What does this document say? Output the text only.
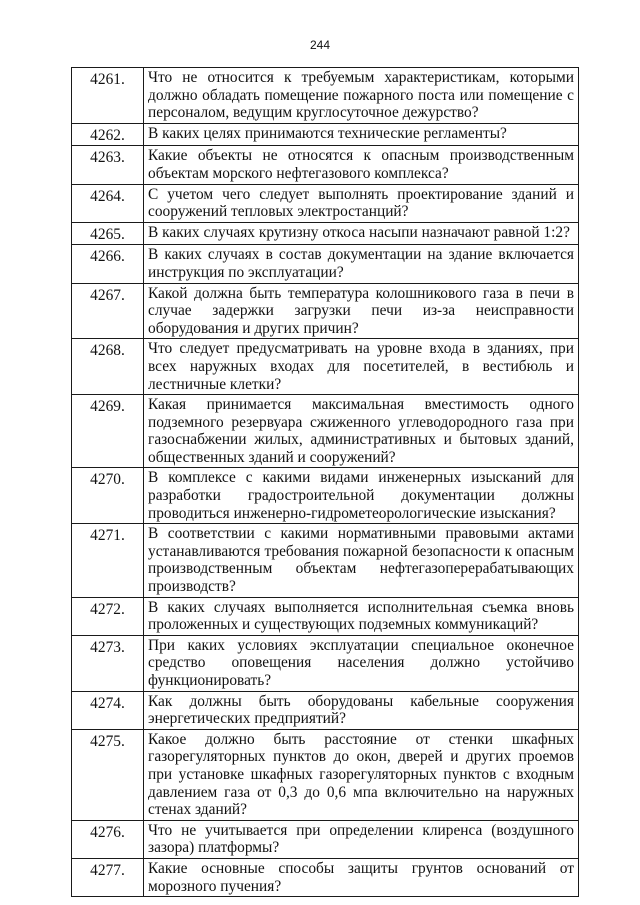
244
4261.	Что не относится к требуемым характеристикам, которыми должно обладать помещение пожарного поста или помещение с персоналом, ведущим круглосуточное дежурство?
4262.	В каких целях принимаются технические регламенты?
4263.	Какие объекты не относятся к опасным производственным объектам морского нефтегазового комплекса?
4264.	С учетом чего следует выполнять проектирование зданий и сооружений тепловых электростанций?
4265.	В каких случаях крутизну откоса насыпи назначают равной 1:2?
4266.	В каких случаях в состав документации на здание включается инструкция по эксплуатации?
4267.	Какой должна быть температура колошникового газа в печи в случае задержки загрузки печи из-за неисправности оборудования и других причин?
4268.	Что следует предусматривать на уровне входа в зданиях, при всех наружных входах для посетителей, в вестибюль и лестничные клетки?
4269.	Какая принимается максимальная вместимость одного подземного резервуара сжиженного углеводородного газа при газоснабжении жилых, административных и бытовых зданий, общественных зданий и сооружений?
4270.	В комплексе с какими видами инженерных изысканий для разработки градостроительной документации должны проводиться инженерно-гидрометеорологические изыскания?
4271.	В соответствии с какими нормативными правовыми актами устанавливаются требования пожарной безопасности к опасным производственным объектам нефтегазоперерабатывающих производств?
4272.	В каких случаях выполняется исполнительная съемка вновь проложенных и существующих подземных коммуникаций?
4273.	При каких условиях эксплуатации специальное оконечное средство оповещения населения должно устойчиво функционировать?
4274.	Как должны быть оборудованы кабельные сооружения энергетических предприятий?
4275.	Какое должно быть расстояние от стенки шкафных газорегуляторных пунктов до окон, дверей и других проемов при установке шкафных газорегуляторных пунктов с входным давлением газа от 0,3 до 0,6 мпа включительно на наружных стенах зданий?
4276.	Что не учитывается при определении клиренса (воздушного зазора) платформы?
4277.	Какие основные способы защиты грунтов оснований от морозного пучения?
